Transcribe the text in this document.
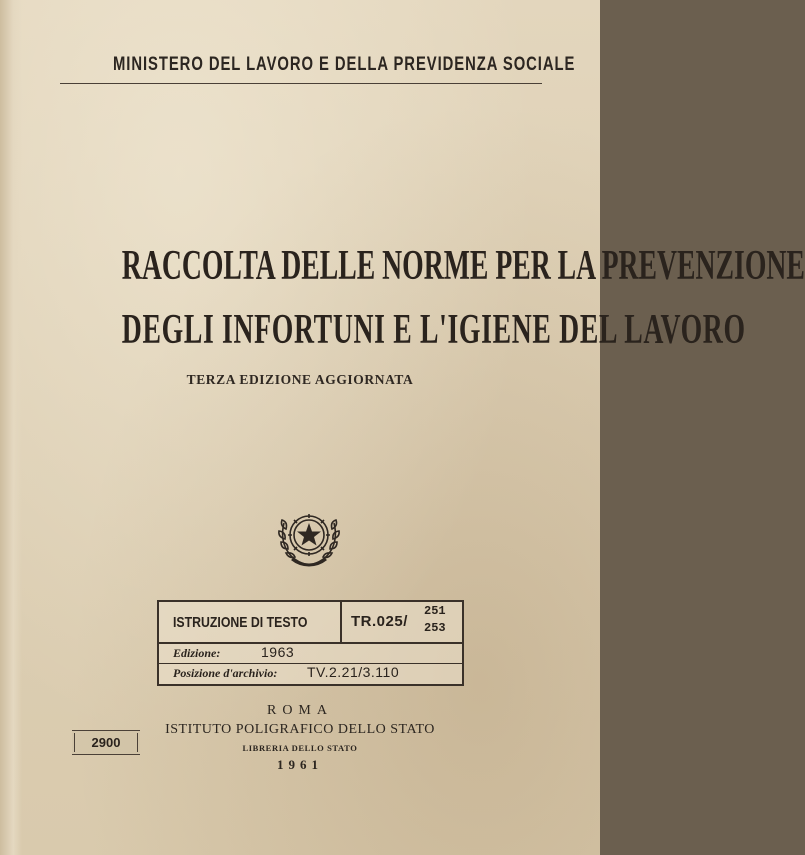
MINISTERO DEL LAVORO E DELLA PREVIDENZA SOCIALE
RACCOLTA DELLE NORME PER LA PREVENZIONE
DEGLI INFORTUNI E L'IGIENE DEL LAVORO
TERZA EDIZIONE AGGIORNATA
ISTRUZIONE DI TESTO	TR.025/
251
253
Edizione:	1963
Posizione d'archivio: TV.2.21/3.110
2900
ROMA
ISTITUTO POLIGRAFICO DELLO STATO
LIBRERIA DELLO STATO
1961
